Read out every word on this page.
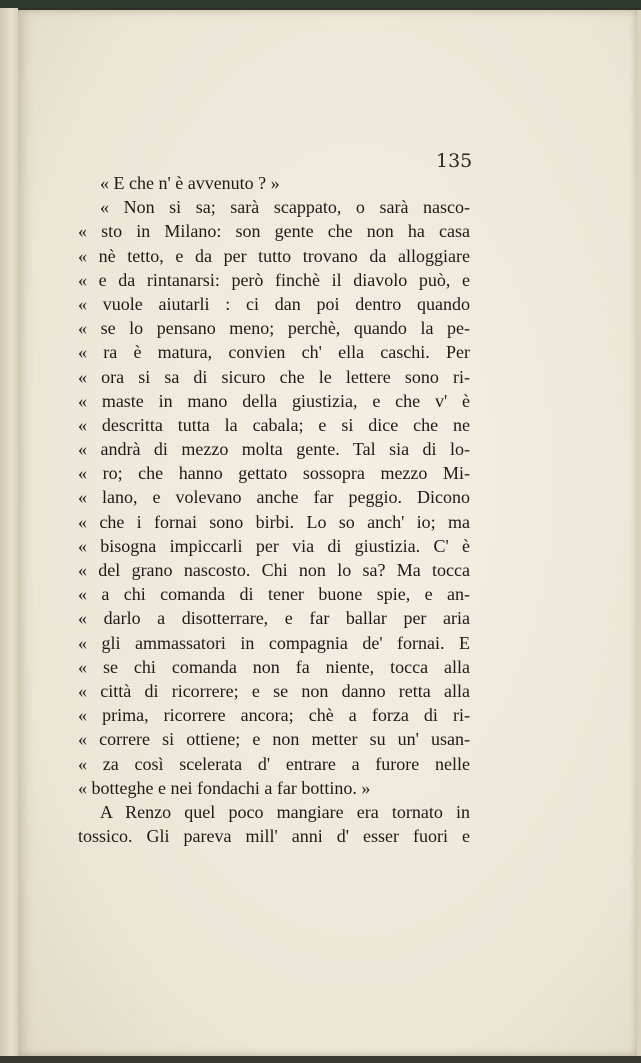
135
« E che n' è avvenuto ? »
« Non si sa; sarà scappato, o sarà nasco-
« sto in Milano: son gente che non ha casa
« nè tetto, e da per tutto trovano da alloggiare
« e da rintanarsi: però finchè il diavolo può, e
« vuole aiutarli : ci dan poi dentro quando
« se lo pensano meno; perchè, quando la pe-
« ra è matura, convien ch' ella caschi. Per
« ora si sa di sicuro che le lettere sono ri-
« maste in mano della giustizia, e che v' è
« descritta tutta la cabala; e si dice che ne
« andrà di mezzo molta gente. Tal sia di lo-
« ro; che hanno gettato sossopra mezzo Mi-
« lano, e volevano anche far peggio. Dicono
« che i fornai sono birbi. Lo so anch' io; ma
« bisogna impiccarli per via di giustizia. C' è
« del grano nascosto. Chi non lo sa? Ma tocca
« a chi comanda di tener buone spie, e an-
« darlo a disotterrare, e far ballar per aria
« gli ammassatori in compagnia de' fornai. E
« se chi comanda non fa niente, tocca alla
« città di ricorrere; e se non danno retta alla
« prima, ricorrere ancora; chè a forza di ri-
« correre si ottiene; e non metter su un' usan-
« za così scelerata d' entrare a furore nelle
« botteghe e nei fondachi a far bottino. »
A Renzo quel poco mangiare era tornato in
tossico. Gli pareva mill' anni d' esser fuori e
